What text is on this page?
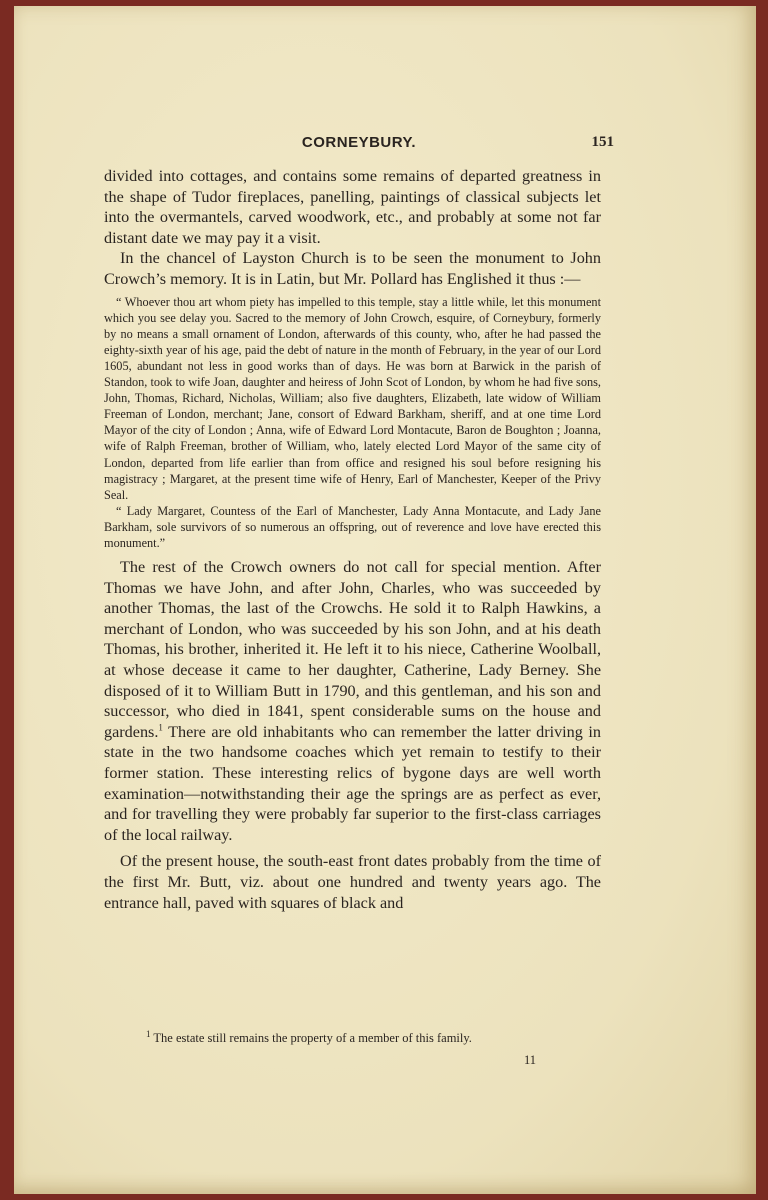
CORNEYBURY.	151

divided into cottages, and contains some remains of departed greatness in the shape of Tudor fireplaces, panelling, paintings of classical subjects let into the overmantels, carved woodwork, etc., and probably at some not far distant date we may pay it a visit.

In the chancel of Layston Church is to be seen the monument to John Crowch’s memory. It is in Latin, but Mr. Pollard has Englished it thus :—

“ Whoever thou art whom piety has impelled to this temple, stay a little while, let this monument which you see delay you. Sacred to the memory of John Crowch, esquire, of Corneybury, formerly by no means a small ornament of London, afterwards of this county, who, after he had passed the eighty-sixth year of his age, paid the debt of nature in the month of February, in the year of our Lord 1605, abundant not less in good works than of days. He was born at Barwick in the parish of Standon, took to wife Joan, daughter and heiress of John Scot of London, by whom he had five sons, John, Thomas, Richard, Nicholas, William; also five daughters, Elizabeth, late widow of William Freeman of London, merchant; Jane, consort of Edward Barkham, sheriff, and at one time Lord Mayor of the city of London ; Anna, wife of Edward Lord Montacute, Baron de Boughton ; Joanna, wife of Ralph Freeman, brother of William, who, lately elected Lord Mayor of the same city of London, departed from life earlier than from office and resigned his soul before resigning his magistracy ; Margaret, at the present time wife of Henry, Earl of Manchester, Keeper of the Privy Seal.

“ Lady Margaret, Countess of the Earl of Manchester, Lady Anna Montacute, and Lady Jane Barkham, sole survivors of so numerous an offspring, out of reverence and love have erected this monument.”

The rest of the Crowch owners do not call for special mention. After Thomas we have John, and after John, Charles, who was succeeded by another Thomas, the last of the Crowchs. He sold it to Ralph Hawkins, a merchant of London, who was succeeded by his son John, and at his death Thomas, his brother, inherited it. He left it to his niece, Catherine Woolball, at whose decease it came to her daughter, Catherine, Lady Berney. She disposed of it to William Butt in 1790, and this gentleman, and his son and successor, who died in 1841, spent considerable sums on the house and gardens.$^1$ There are old inhabitants who can remember the latter driving in state in the two handsome coaches which yet remain to testify to their former station. These interesting relics of bygone days are well worth examination—notwithstanding their age the springs are as perfect as ever, and for travelling they were probably far superior to the first-class carriages of the local railway.

Of the present house, the south-east front dates probably from the time of the first Mr. Butt, viz. about one hundred and twenty years ago. The entrance hall, paved with squares of black and

$^1$ The estate still remains the property of a member of this family.
11
